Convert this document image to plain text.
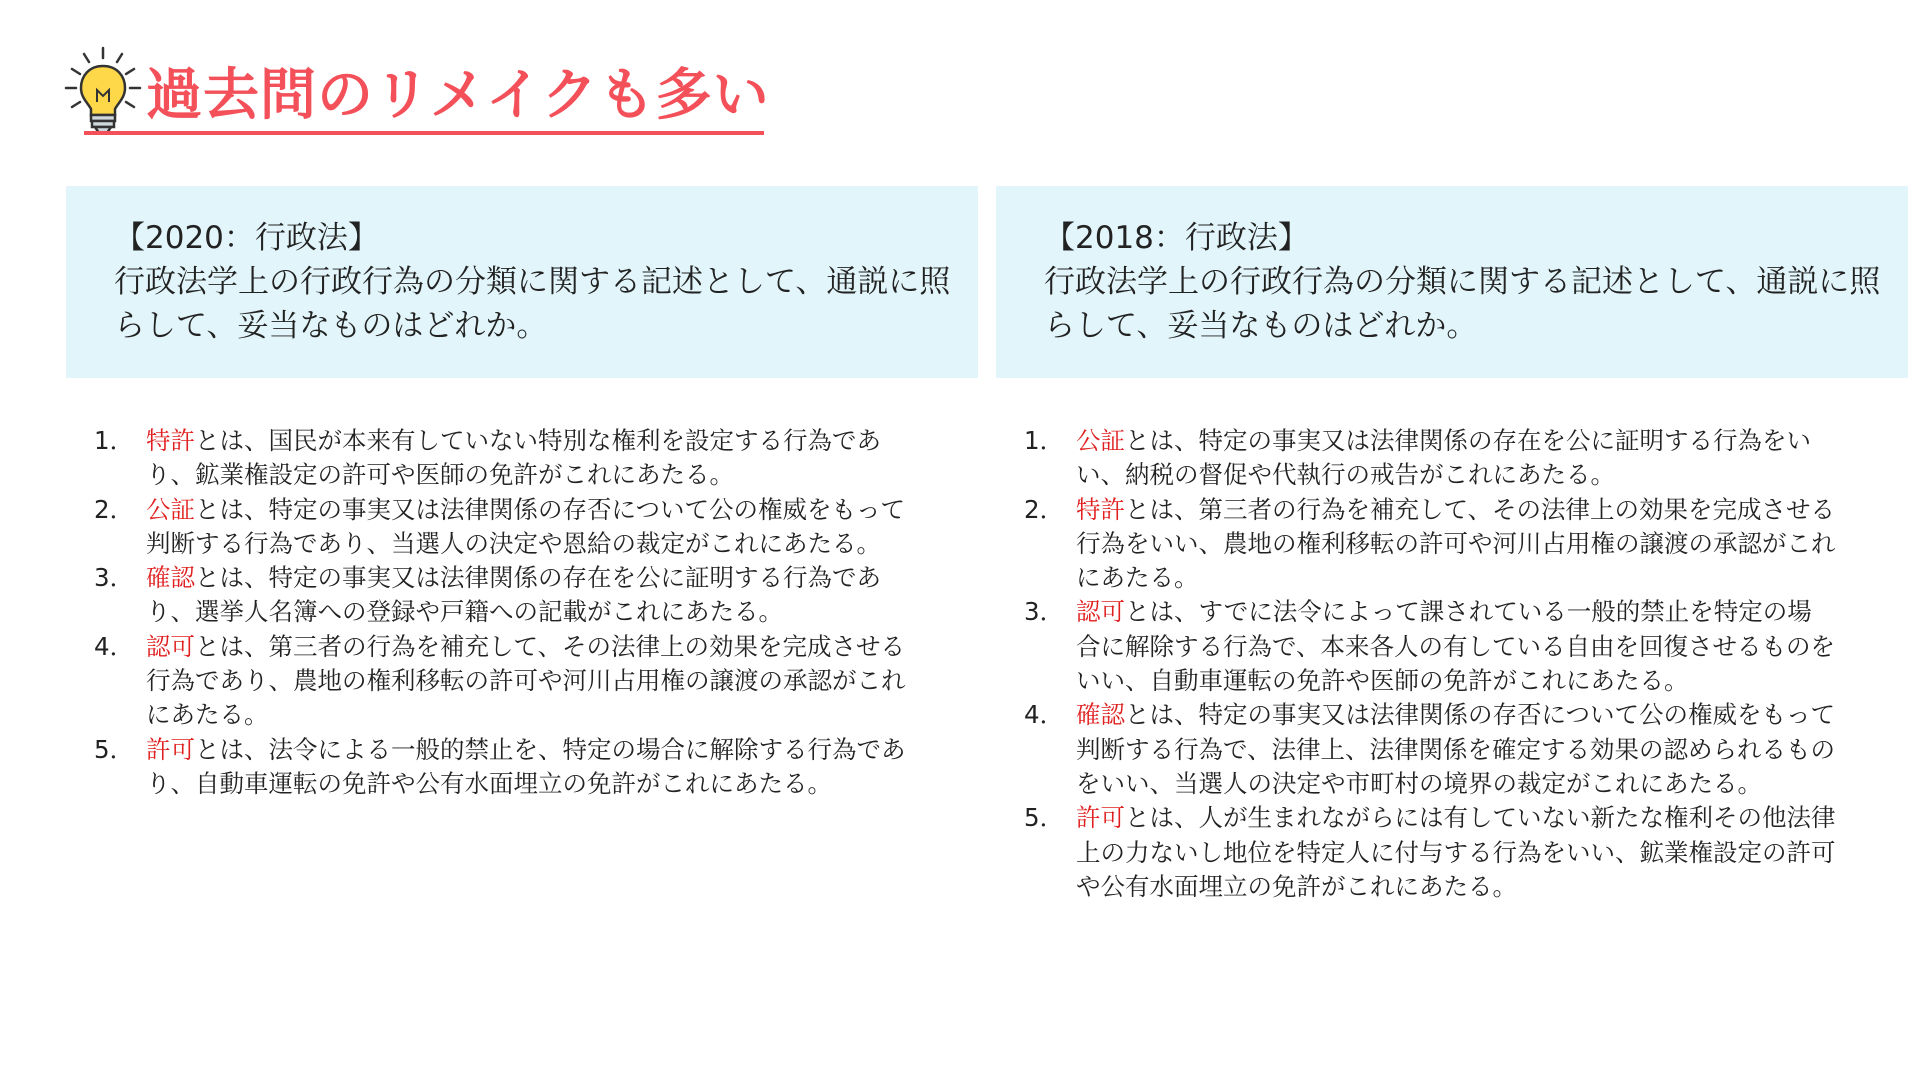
過去問のリメイクも多い
【2020：行政法】
行政法学上の行政行為の分類に関する記述として、通説に照らして、妥当なものはどれか。
1． 特許とは、国民が本来有していない特別な権利を設定する行為であり、鉱業権設定の許可や医師の免許がこれにあたる。
2． 公証とは、特定の事実又は法律関係の存否について公の権威をもって判断する行為であり、当選人の決定や恩給の裁定がこれにあたる。
3． 確認とは、特定の事実又は法律関係の存在を公に証明する行為であり、選挙人名簿への登録や戸籍への記載がこれにあたる。
4． 認可とは、第三者の行為を補充して、その法律上の効果を完成させる行為であり、農地の権利移転の許可や河川占用権の譲渡の承認がこれにあたる。
5． 許可とは、法令による一般的禁止を、特定の場合に解除する行為であり、自動車運転の免許や公有水面埋立の免許がこれにあたる。
【2018：行政法】
行政法学上の行政行為の分類に関する記述として、通説に照らして、妥当なものはどれか。
1． 公証とは、特定の事実又は法律関係の存在を公に証明する行為をいい、納税の督促や代執行の戒告がこれにあたる。
2． 特許とは、第三者の行為を補充して、その法律上の効果を完成させる行為をいい、農地の権利移転の許可や河川占用権の譲渡の承認がこれにあたる。
3． 認可とは、すでに法令によって課されている一般的禁止を特定の場合に解除する行為で、本来各人の有している自由を回復させるものをいい、自動車運転の免許や医師の免許がこれにあたる。
4． 確認とは、特定の事実又は法律関係の存否について公の権威をもって判断する行為で、法律上、法律関係を確定する効果の認められるものをいい、当選人の決定や市町村の境界の裁定がこれにあたる。
5． 許可とは、人が生まれながらには有していない新たな権利その他法律上の力ないし地位を特定人に付与する行為をいい、鉱業権設定の許可や公有水面埋立の免許がこれにあたる。
